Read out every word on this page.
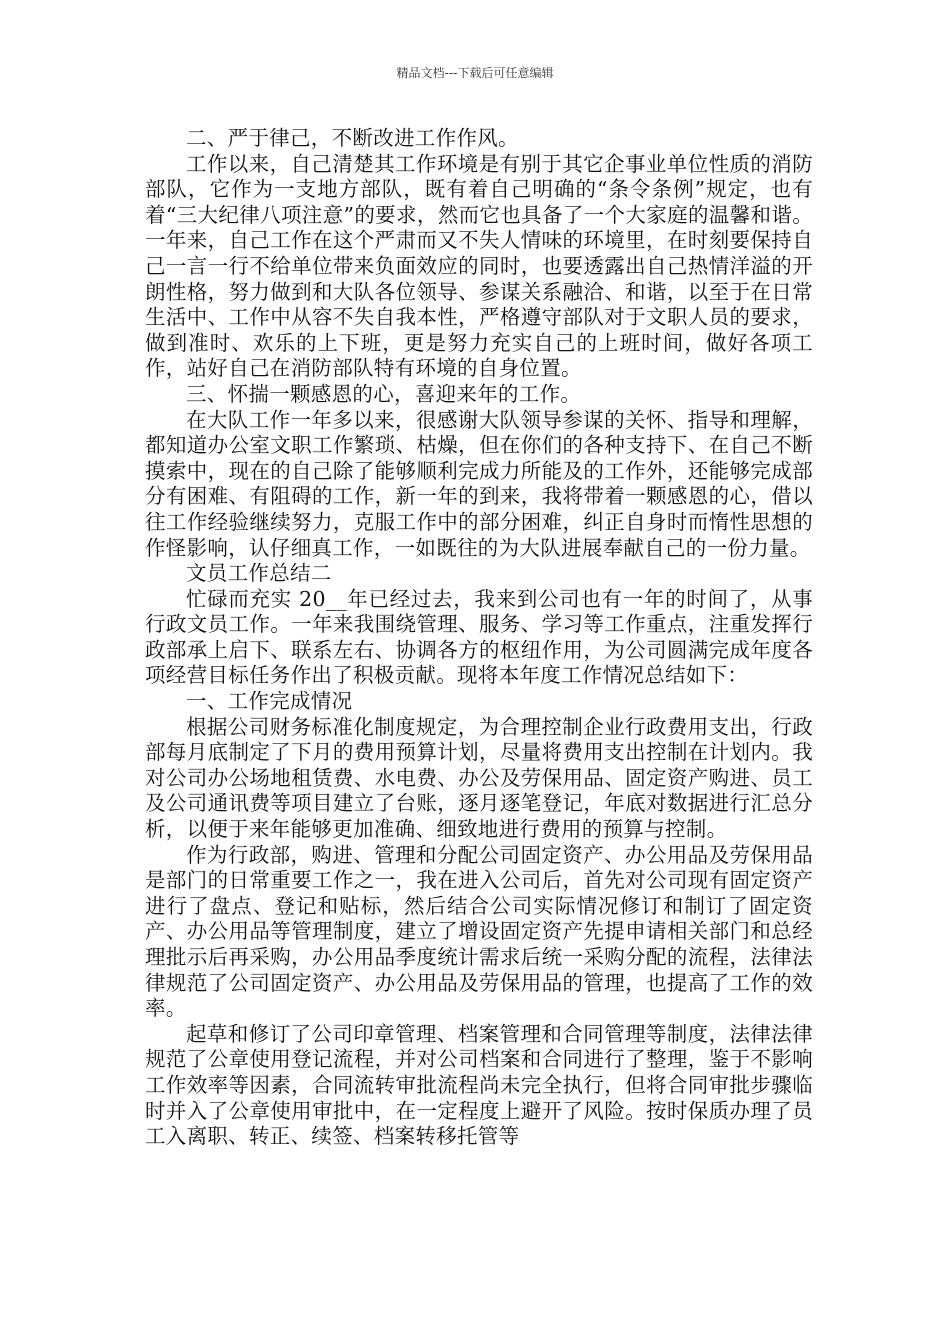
精品文档---下载后可任意编辑

二、严于律己，不断改进工作作风。

工作以来，自己清楚其工作环境是有别于其它企事业单位性质的消防部队，它作为一支地方部队，既有着自己明确的“条令条例”规定，也有着“三大纪律八项注意”的要求，然而它也具备了一个大家庭的温馨和谐。一年来，自己工作在这个严肃而又不失人情味的环境里，在时刻要保持自己一言一行不给单位带来负面效应的同时，也要透露出自己热情洋溢的开朗性格，努力做到和大队各位领导、参谋关系融洽、和谐，以至于在日常生活中、工作中从容不失自我本性，严格遵守部队对于文职人员的要求，做到准时、欢乐的上下班，更是努力充实自己的上班时间，做好各项工作，站好自己在消防部队特有环境的自身位置。

三、怀揣一颗感恩的心，喜迎来年的工作。

在大队工作一年多以来，很感谢大队领导参谋的关怀、指导和理解，都知道办公室文职工作繁琐、枯燥，但在你们的各种支持下、在自己不断摸索中，现在的自己除了能够顺利完成力所能及的工作外，还能够完成部分有困难、有阻碍的工作，新一年的到来，我将带着一颗感恩的心，借以往工作经验继续努力，克服工作中的部分困难，纠正自身时而惰性思想的作怪影响，认仔细真工作，一如既往的为大队进展奉献自己的一份力量。

文员工作总结二

忙碌而充实 20__年已经过去，我来到公司也有一年的时间了，从事行政文员工作。一年来我围绕管理、服务、学习等工作重点，注重发挥行政部承上启下、联系左右、协调各方的枢纽作用，为公司圆满完成年度各项经营目标任务作出了积极贡献。现将本年度工作情况总结如下：

一、工作完成情况

根据公司财务标准化制度规定，为合理控制企业行政费用支出，行政部每月底制定了下月的费用预算计划，尽量将费用支出控制在计划内。我对公司办公场地租赁费、水电费、办公及劳保用品、固定资产购进、员工及公司通讯费等项目建立了台账，逐月逐笔登记，年底对数据进行汇总分析，以便于来年能够更加准确、细致地进行费用的预算与控制。

作为行政部，购进、管理和分配公司固定资产、办公用品及劳保用品是部门的日常重要工作之一，我在进入公司后，首先对公司现有固定资产进行了盘点、登记和贴标，然后结合公司实际情况修订和制订了固定资产、办公用品等管理制度，建立了增设固定资产先提申请相关部门和总经理批示后再采购，办公用品季度统计需求后统一采购分配的流程，法律法律规范了公司固定资产、办公用品及劳保用品的管理，也提高了工作的效率。

起草和修订了公司印章管理、档案管理和合同管理等制度，法律法律规范了公章使用登记流程，并对公司档案和合同进行了整理，鉴于不影响工作效率等因素，合同流转审批流程尚未完全执行，但将合同审批步骤临时并入了公章使用审批中，在一定程度上避开了风险。按时保质办理了员工入离职、转正、续签、档案转移托管等
